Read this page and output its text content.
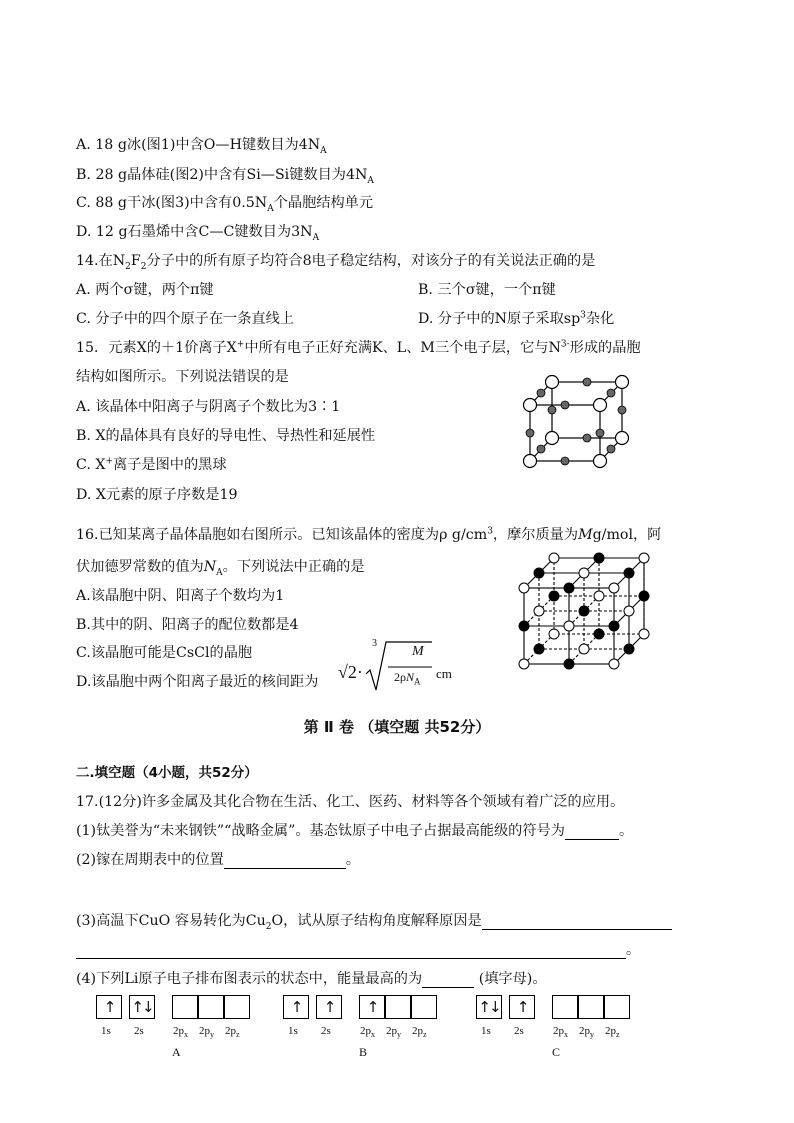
A. 18 g冰(图1)中含O—H键数目为$4N_A$
B. 28 g晶体硅(图2)中含有Si—Si键数目为$4N_A$
C. 88 g干冰(图3)中含有$0.5N_A$个晶胞结构单元
D. 12 g石墨烯中含C—C键数目为$3N_A$
14.在$N_2F_2$分子中的所有原子均符合8电子稳定结构，对该分子的有关说法正确的是
A. 两个σ键，两个π键	B. 三个σ键，一个π键
C. 分子中的四个原子在一条直线上	D. 分子中的N原子采取$sp^3$杂化
15．元素X的＋1价离子X+中所有电子正好充满K、L、M三个电子层，它与$N^{3-}$形成的晶胞
结构如图所示。下列说法错误的是
A. 该晶体中阳离子与阴离子个数比为3∶1
B. X的晶体具有良好的导电性、导热性和延展性
C. X+离子是图中的黑球
D. X元素的原子序数是19
16.已知某离子晶体晶胞如右图所示。已知该晶体的密度为ρ $g/cm^3$，摩尔质量为Mg/mol，阿
伏加德罗常数的值为$N_A$。下列说法中正确的是
A.该晶胞中阴、阳离子个数均为1
B.其中的阴、阳离子的配位数都是4
C.该晶胞可能是CsCl的晶胞
D.该晶胞中两个阳离子最近的核间距为 √2·
3
M
$2\rho N_A$
cm
第 Ⅱ 卷 （填空题 共52分）
二.填空题（4小题，共52分）
17.(12分)许多金属及其化合物在生活、化工、医药、材料等各个领域有着广泛的应用。
(1)钛美誉为“未来钢铁”“战略金属”。基态钛原子中电子占据最高能级的符号为	。
(2)镓在周期表中的位置	。
(3)高温下CuO 容易转化为$Cu_2O$，试从原子结构角度解释原因是
。
(4)下列Li原子电子排布图表示的状态中，能量最高的为	(填字母)。
↑
1s
↑↓
2s	$2p_x$ $2p_y$ $2p_z$
A
↑
1s
↑
2s
↑
$2p_x$ $2p_y$ $2p_z$
B
↑↓
1s
↑
2s	$2p_x$ $2p_y$ $2p_z$
C
